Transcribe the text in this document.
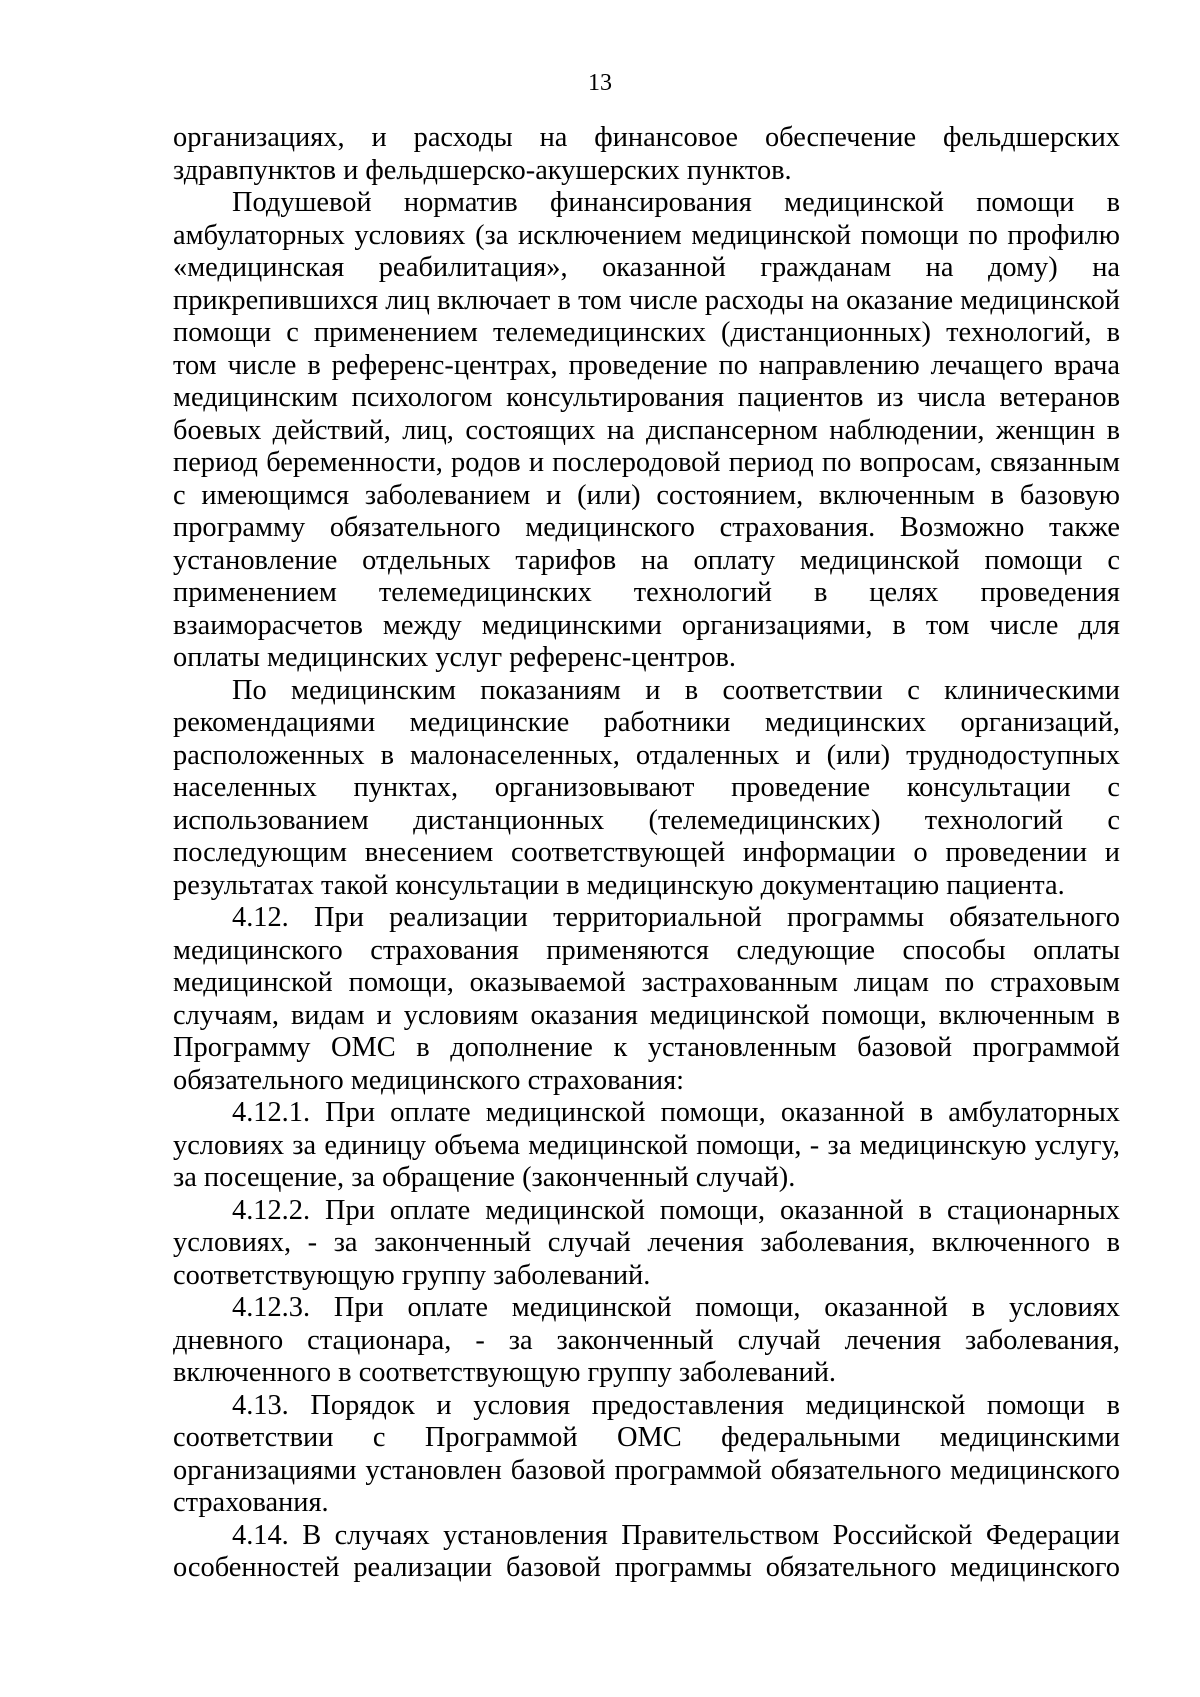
13

организациях, и расходы на финансовое обеспечение фельдшерских здравпунктов и фельдшерско-акушерских пунктов.

Подушевой норматив финансирования медицинской помощи в амбулаторных условиях (за исключением медицинской помощи по профилю «медицинская реабилитация», оказанной гражданам на дому) на прикрепившихся лиц включает в том числе расходы на оказание медицинской помощи с применением телемедицинских (дистанционных) технологий, в том числе в референс-центрах, проведение по направлению лечащего врача медицинским психологом консультирования пациентов из числа ветеранов боевых действий, лиц, состоящих на диспансерном наблюдении, женщин в период беременности, родов и послеродовой период по вопросам, связанным с имеющимся заболеванием и (или) состоянием, включенным в базовую программу обязательного медицинского страхования. Возможно также установление отдельных тарифов на оплату медицинской помощи с применением телемедицинских технологий в целях проведения взаиморасчетов между медицинскими организациями, в том числе для оплаты медицинских услуг референс-центров.

По медицинским показаниям и в соответствии с клиническими рекомендациями медицинские работники медицинских организаций, расположенных в малонаселенных, отдаленных и (или) труднодоступных населенных пунктах, организовывают проведение консультации с использованием дистанционных (телемедицинских) технологий с последующим внесением соответствующей информации о проведении и результатах такой консультации в медицинскую документацию пациента.

4.12. При реализации территориальной программы обязательного медицинского страхования применяются следующие способы оплаты медицинской помощи, оказываемой застрахованным лицам по страховым случаям, видам и условиям оказания медицинской помощи, включенным в Программу ОМС в дополнение к установленным базовой программой обязательного медицинского страхования:

4.12.1. При оплате медицинской помощи, оказанной в амбулаторных условиях за единицу объема медицинской помощи, - за медицинскую услугу, за посещение, за обращение (законченный случай).

4.12.2. При оплате медицинской помощи, оказанной в стационарных условиях, - за законченный случай лечения заболевания, включенного в соответствующую группу заболеваний.

4.12.3. При оплате медицинской помощи, оказанной в условиях дневного стационара, - за законченный случай лечения заболевания, включенного в соответствующую группу заболеваний.

4.13. Порядок и условия предоставления медицинской помощи в соответствии с Программой ОМС федеральными медицинскими организациями установлен базовой программой обязательного медицинского страхования.

4.14. В случаях установления Правительством Российской Федерации особенностей реализации базовой программы обязательного медицинского
